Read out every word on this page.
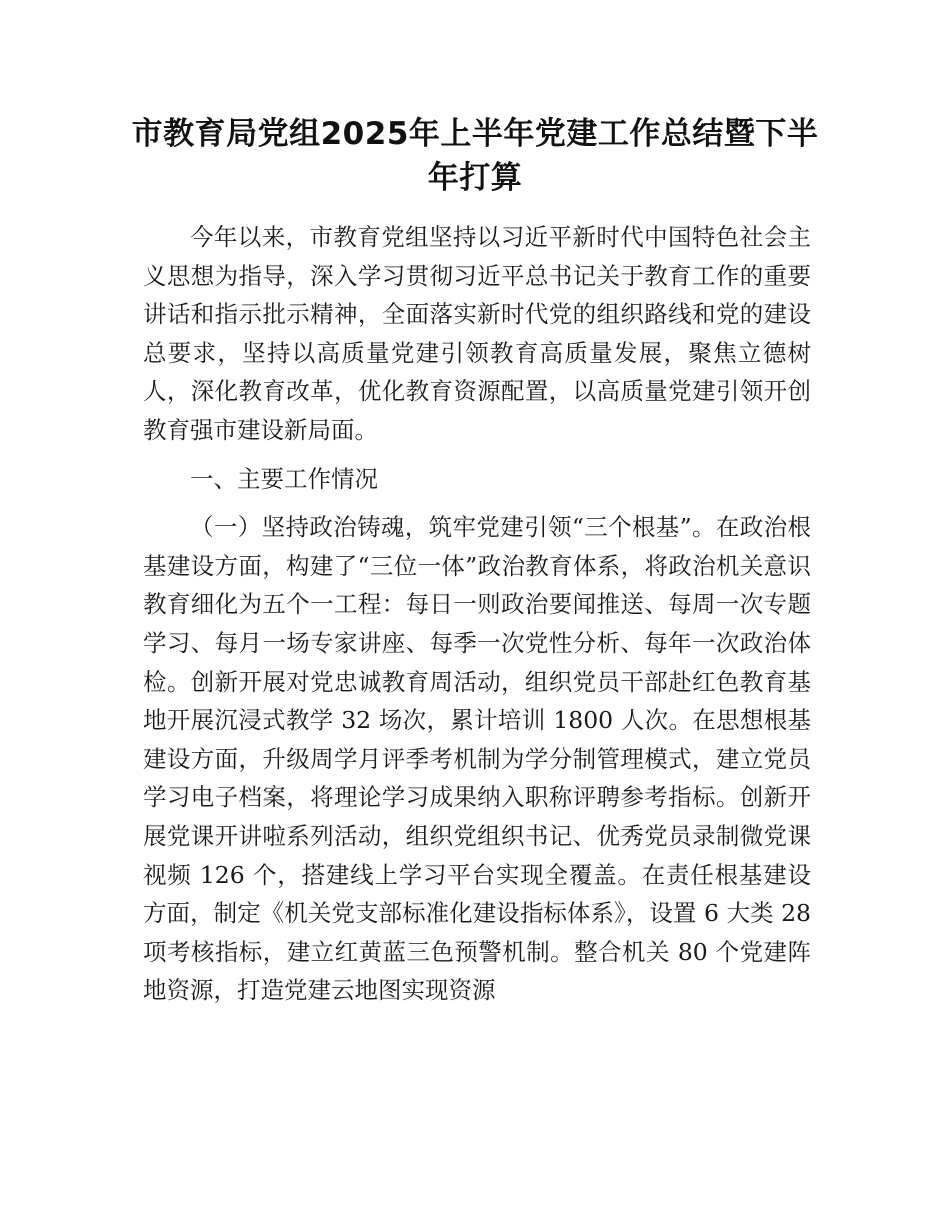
市教育局党组2025年上半年党建工作总结暨下半年打算

今年以来，市教育党组坚持以习近平新时代中国特色社会主义思想为指导，深入学习贯彻习近平总书记关于教育工作的重要讲话和指示批示精神，全面落实新时代党的组织路线和党的建设总要求，坚持以高质量党建引领教育高质量发展，聚焦立德树人，深化教育改革，优化教育资源配置，以高质量党建引领开创教育强市建设新局面。

一、主要工作情况

（一）坚持政治铸魂，筑牢党建引领“三个根基”。在政治根基建设方面，构建了“三位一体”政治教育体系，将政治机关意识教育细化为五个一工程：每日一则政治要闻推送、每周一次专题学习、每月一场专家讲座、每季一次党性分析、每年一次政治体检。创新开展对党忠诚教育周活动，组织党员干部赴红色教育基地开展沉浸式教学 32 场次，累计培训 1800 人次。在思想根基建设方面，升级周学月评季考机制为学分制管理模式，建立党员学习电子档案，将理论学习成果纳入职称评聘参考指标。创新开展党课开讲啦系列活动，组织党组织书记、优秀党员录制微党课视频 126 个，搭建线上学习平台实现全覆盖。在责任根基建设方面，制定《机关党支部标准化建设指标体系》，设置 6 大类 28 项考核指标，建立红黄蓝三色预警机制。整合机关 80 个党建阵地资源，打造党建云地图实现资源
